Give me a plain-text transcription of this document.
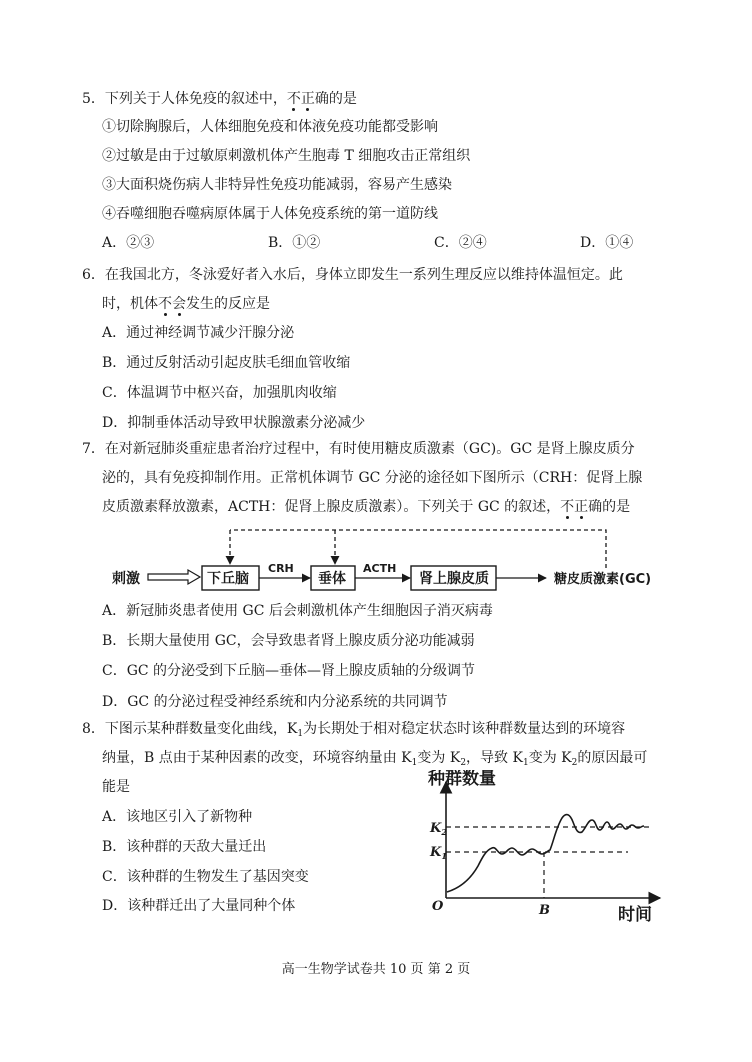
5．下列关于人体免疫的叙述中，不正确的是
①切除胸腺后，人体细胞免疫和体液免疫功能都受影响
②过敏是由于过敏原刺激机体产生胞毒 T 细胞攻击正常组织
③大面积烧伤病人非特异性免疫功能减弱，容易产生感染
④吞噬细胞吞噬病原体属于人体免疫系统的第一道防线
A．②③	B．①②	C．②④	D．①④
6．在我国北方，冬泳爱好者入水后，身体立即发生一系列生理反应以维持体温恒定。此
时，机体不会发生的反应是
A．通过神经调节减少汗腺分泌
B．通过反射活动引起皮肤毛细血管收缩
C．体温调节中枢兴奋，加强肌肉收缩
D．抑制垂体活动导致甲状腺激素分泌减少
7．在对新冠肺炎重症患者治疗过程中，有时使用糖皮质激素（GC)。GC 是肾上腺皮质分
泌的，具有免疫抑制作用。正常机体调节 GC 分泌的途径如下图所示（CRH：促肾上腺
皮质激素释放激素，ACTH：促肾上腺皮质激素）。下列关于 GC 的叙述，不正确的是
刺激	下丘脑
CRH
垂体
ACTH
肾上腺皮质	糖皮质激素(GC)
A．新冠肺炎患者使用 GC 后会刺激机体产生细胞因子消灭病毒
B．长期大量使用 GC，会导致患者肾上腺皮质分泌功能减弱
C．GC 的分泌受到下丘脑—垂体—肾上腺皮质轴的分级调节
D．GC 的分泌过程受神经系统和内分泌系统的共同调节
8．下图示某种群数量变化曲线，$K_1$为长期处于相对稳定状态时该种群数量达到的环境容
纳量，B 点由于某种因素的改变，环境容纳量由 $K_1$变为 $K_2$，导致 $K_1$变为 $K_2$的原因最可
能是
A．该地区引入了新物种
B．该种群的天敌大量迁出
C．该种群的生物发生了基因突变
D．该种群迁出了大量同种个体
种群数量
时间
O	B
$K_2$
$K_1$
高一生物学试卷共 10 页 第 2 页
